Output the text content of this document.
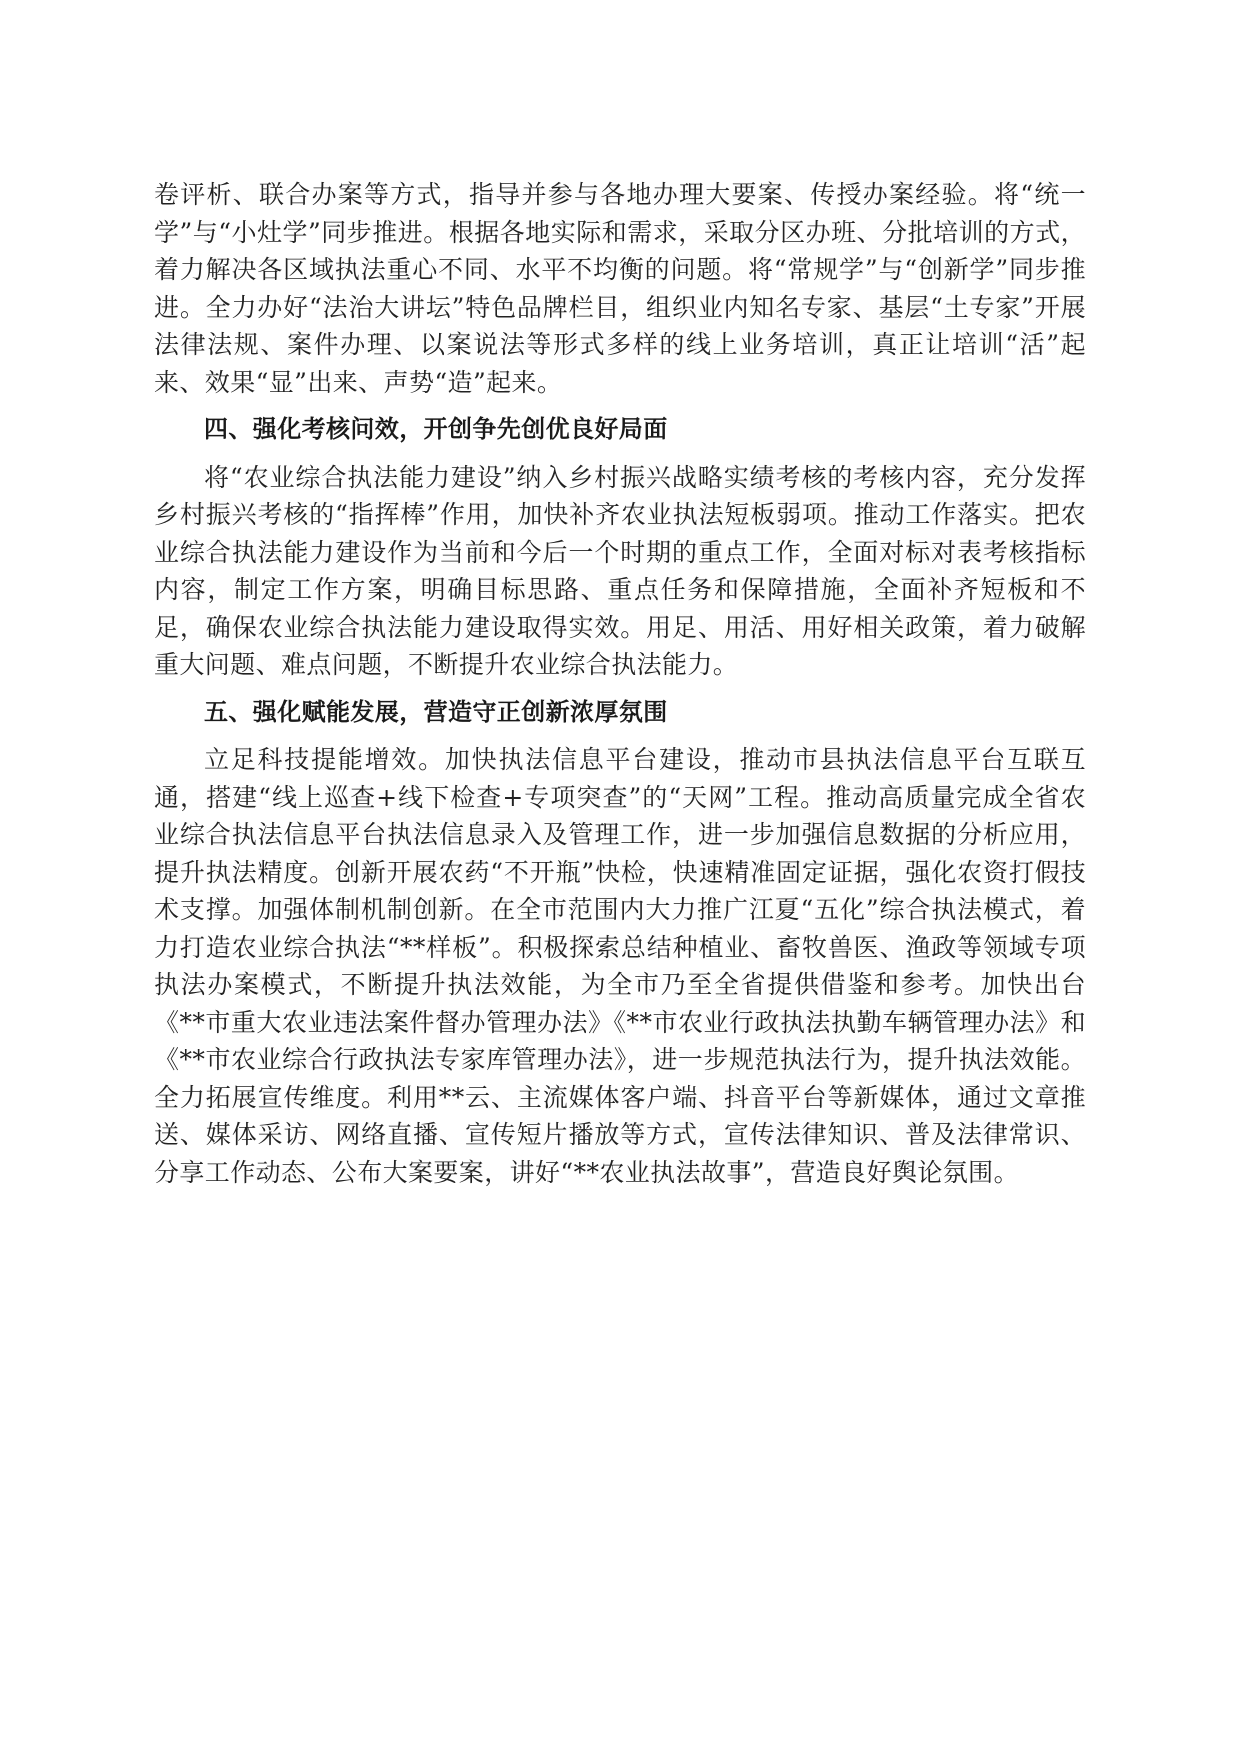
卷评析、联合办案等方式，指导并参与各地办理大要案、传授办案经验。将“统一学”与“小灶学”同步推进。根据各地实际和需求，采取分区办班、分批培训的方式，着力解决各区域执法重心不同、水平不均衡的问题。将“常规学”与“创新学”同步推进。全力办好“法治大讲坛”特色品牌栏目，组织业内知名专家、基层“土专家”开展法律法规、案件办理、以案说法等形式多样的线上业务培训，真正让培训“活”起来、效果“显”出来、声势“造”起来。

四、强化考核问效，开创争先创优良好局面

将“农业综合执法能力建设”纳入乡村振兴战略实绩考核的考核内容，充分发挥乡村振兴考核的“指挥棒”作用，加快补齐农业执法短板弱项。推动工作落实。把农业综合执法能力建设作为当前和今后一个时期的重点工作，全面对标对表考核指标内容，制定工作方案，明确目标思路、重点任务和保障措施，全面补齐短板和不足，确保农业综合执法能力建设取得实效。用足、用活、用好相关政策，着力破解重大问题、难点问题，不断提升农业综合执法能力。

五、强化赋能发展，营造守正创新浓厚氛围

立足科技提能增效。加快执法信息平台建设，推动市县执法信息平台互联互通，搭建“线上巡查+线下检查+专项突查”的“天网”工程。推动高质量完成全省农业综合执法信息平台执法信息录入及管理工作，进一步加强信息数据的分析应用，提升执法精度。创新开展农药“不开瓶”快检，快速精准固定证据，强化农资打假技术支撑。加强体制机制创新。在全市范围内大力推广江夏“五化”综合执法模式，着力打造农业综合执法“**样板”。积极探索总结种植业、畜牧兽医、渔政等领域专项执法办案模式，不断提升执法效能，为全市乃至全省提供借鉴和参考。加快出台《**市重大农业违法案件督办管理办法》《**市农业行政执法执勤车辆管理办法》和《**市农业综合行政执法专家库管理办法》，进一步规范执法行为，提升执法效能。全力拓展宣传维度。利用**云、主流媒体客户端、抖音平台等新媒体，通过文章推送、媒体采访、网络直播、宣传短片播放等方式，宣传法律知识、普及法律常识、分享工作动态、公布大案要案，讲好“**农业执法故事”，营造良好舆论氛围。
